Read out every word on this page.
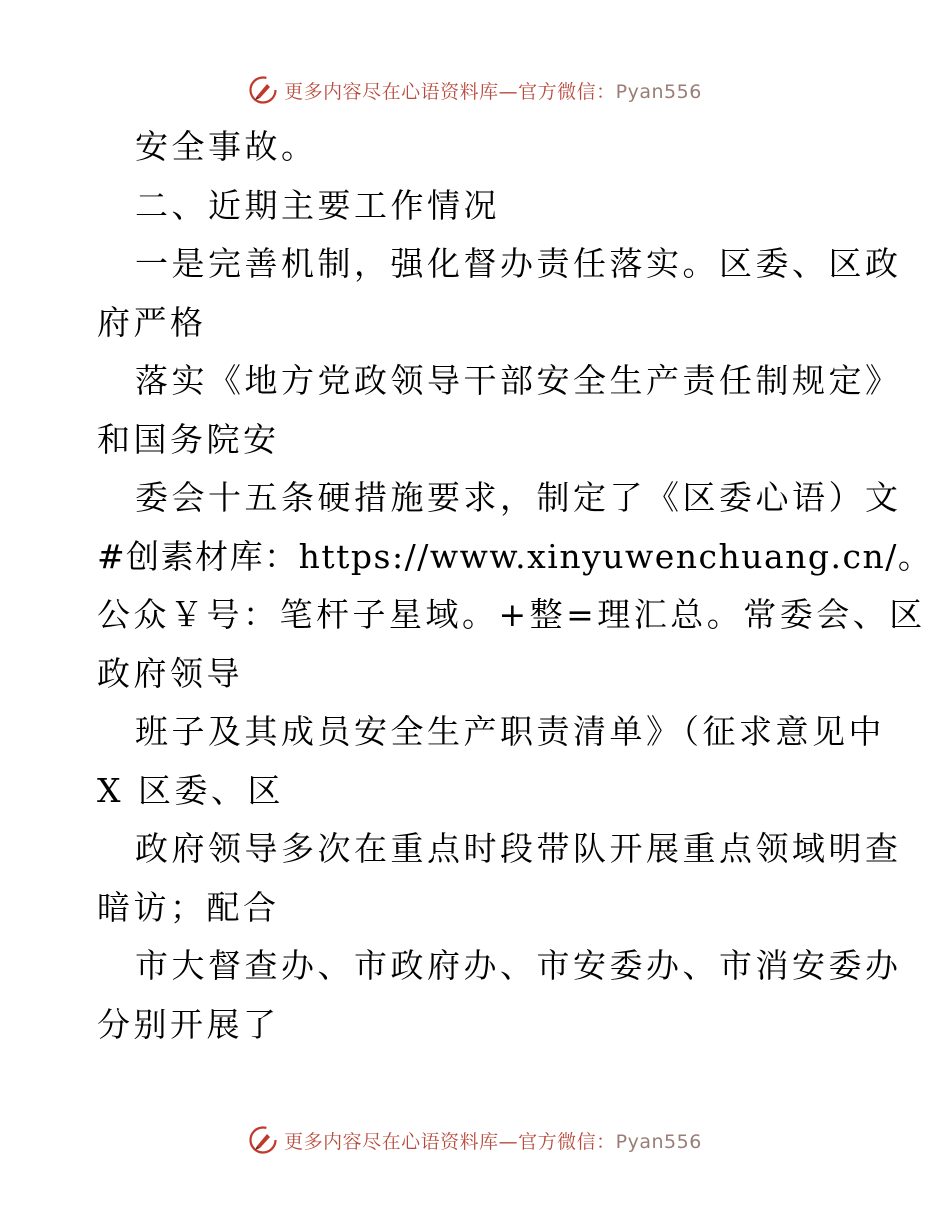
更多内容尽在心语资料库—官方微信：Pyan556
安全事故。
二、近期主要工作情况
一是完善机制，强化督办责任落实。区委、区政
府严格
落实《地方党政领导干部安全生产责任制规定》
和国务院安
委会十五条硬措施要求，制定了《区委心语）文
#创素材库：https://www.xinyuwenchuang.cn/。
公众￥号：笔杆子星域。+整=理汇总。常委会、区
政府领导
班子及其成员安全生产职责清单》（征求意见中
X 区委、区
政府领导多次在重点时段带队开展重点领域明查
暗访；配合
市大督查办、市政府办、市安委办、市消安委办
分别开展了
更多内容尽在心语资料库—官方微信：Pyan556
